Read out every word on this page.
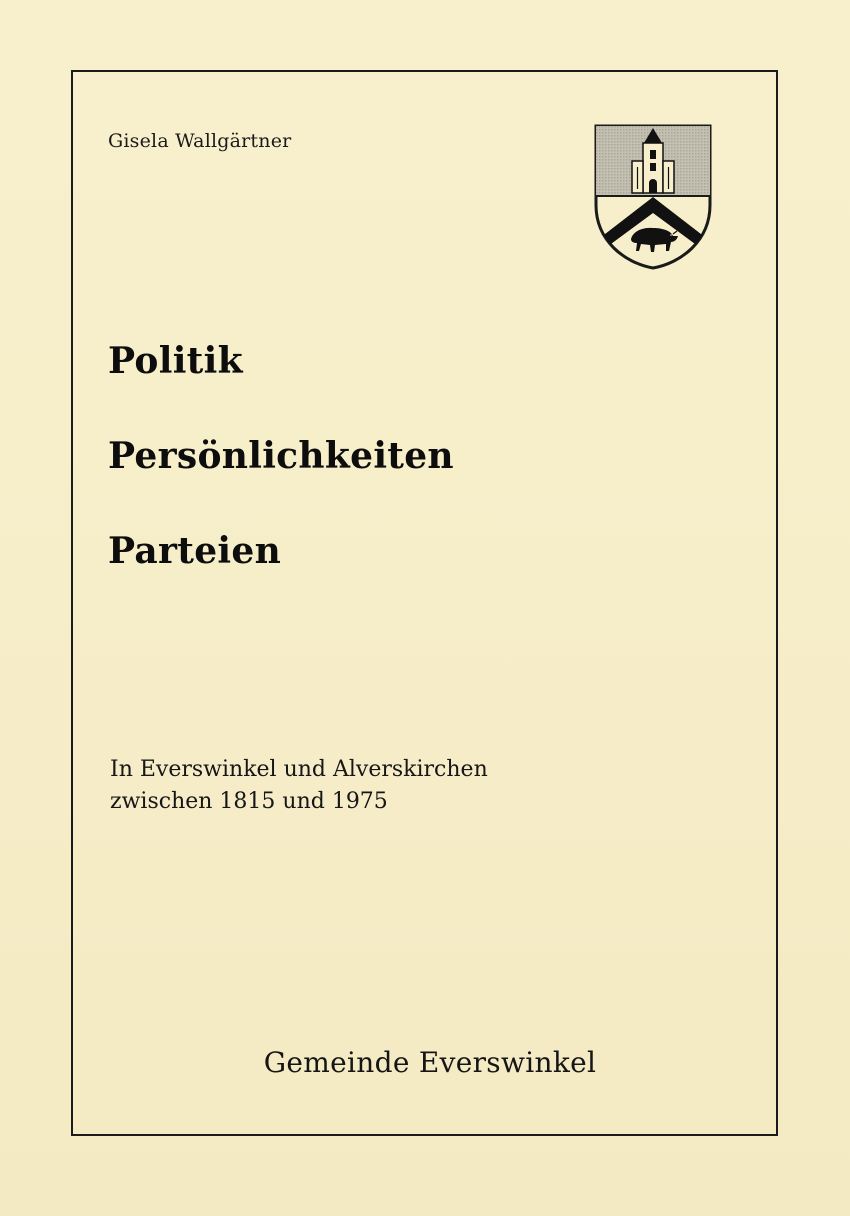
Gisela Wallgärtner
Politik
Persönlichkeiten
Parteien
In Everswinkel und Alverskirchen
zwischen 1815 und 1975
Gemeinde Everswinkel
